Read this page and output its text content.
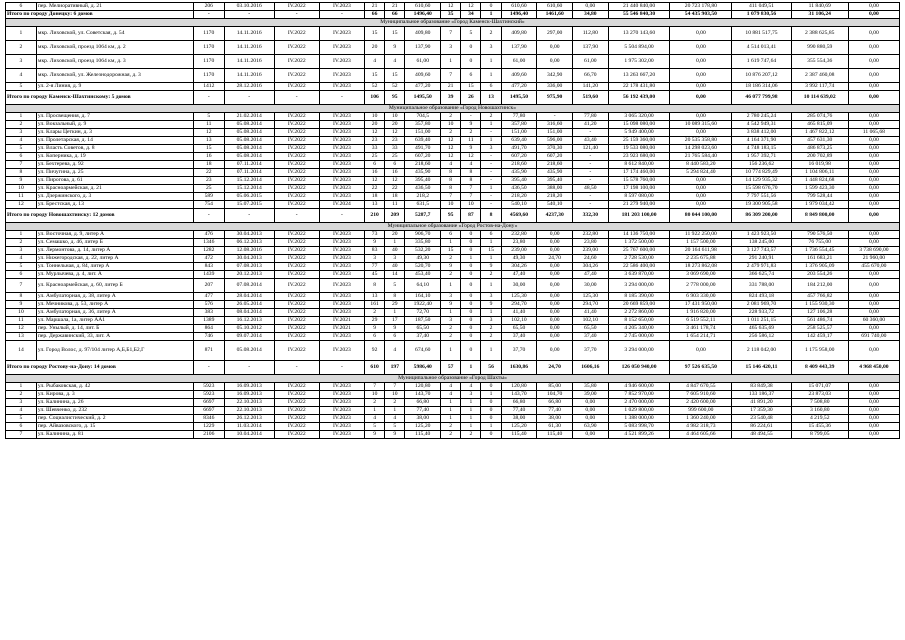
6	пер. Мелиоративный, д. 21	206	03.10.2016	IV.2022	IV.2023	21	21	610,60	12	12	0	610,60	610,60	0,00	21 440 840,00	20 723 178,80	411 049,51	11 840,69	0,00
Итого по городу Донецку: 6 домов		-	-	-	-	66	66	1496,40	35	34	1	1496,40	1461,60	34,80	55 546 840,30	54 435 903,50	1 079 830,56	31 106,24	0,00
Муниципальное образование «Город Каменск-Шахтинский»																			
1	мкр. Лиховской, ул. Советская, д. 54	1170	14.11.2016	IV.2022	IV.2023	15	15	409,80	7	5	2	409,80	297,00	112,80	13 270 143,60	0,00	10 881 517,75	2 388 625,85	0,00
2	мкр. Лиховской, проезд 1064 км, д. 2	1170	14.11.2016	IV.2022	IV.2023	20	9	137,90	3	0	3	137,90	0,00	137,90	5 504 894,00	0,00	4 514 013,41	990 880,59	0,00
3	мкр. Лиховской, проезд 1064 км, д. 3	1170	14.11.2016	IV.2022	IV.2023	4	4	61,00	1	0	1	61,00	0,00	61,00	1 975 302,00	0,00	1 619 747,64	355 554,36	0,00
4	мкр. Лиховской, ул. Железнодорожная, д. 3	1170	14.11.2016	IV.2022	IV.2023	15	15	409,60	7	6	1	409,60	342,90	66,70	13 263 667,20	0,00	10 876 207,12	2 387 460,08	0,00
5	ул. 2-я Линия, д. 9	1412	28.12.2016	IV.2022	IV.2023	52	52	477,20	21	15	6	477,20	336,00	141,20	22 178 431,80	0,00	18 186 314,06	3 992 117,74	0,00
Итого по городу Каменск-Шахтинскому: 5 домов		-	-	-	-	106	95	1495,50	39	26	13	1495,50	975,90	519,60	56 192 439,00	0,00	46 077 799,98	10 114 639,02	0,00
Муниципальное образование «Город Новошахтинск»																			
1	ул. Просвещения, д. 7	5	21.02.2014	IV.2022	IV.2023	10	10	704,5	2	-	2	77,80	-	77,80	3 065 320,00	0,00	2 780 245,24	285 074,76	0,00
2	ул. Вокзальный, д. 9	11	05.08.2014	IV.2022	IV.2023	20	20	357,80	10	9	1	357,80	316,60	41,20	15 098 080,00	10 089 315,60	4 542 949,31	465 815,09	0,00
3	ул. Клары Цеткин, д. 3	12	05.08.2014	IV.2022	IV.2023	12	12	151,00	2	2	-	151,00	151,00	-	5 949 400,00	0,00	3 838 412,00	1 467 822,12	11 065,68
4	ул. Пролетарская, д. 14	13	05.08.2014	IV.2022	IV.2023	23	23	639,40	12	11	1	639,40	596,00	43,40	25 159 360,00	20 535 358,80	4 164 371,90	457 631,30	0,00
5	ул. Власть Советов, д. 8	15	05.08.2014	IV.2022	IV.2023	33	33	491,70	12	9	3	491,70	370,30	121,40	19 533 080,00	14 298 023,60	4 748 183,15	486 873,25	0,00
6	ул. Коперника, д. 19	16	05.08.2014	IV.2022	IV.2023	25	25	607,20	12	12	-	607,20	607,20	-	23 923 680,00	21 765 584,40	1 957 392,71	200 702,89	0,00
7	ул. Бехтерева, д. 92	18	07.11.2014	IV.2022	IV.2023	6	6	218,60	4	4	-	218,60	218,60	-	8 612 840,00	8 440 583,20	156 236,62	16 019,98	0,00
8	ул. Пичугина, д. 25	22	07.11.2014	IV.2022	IV.2023	16	16	435,90	8	8	-	435,90	435,90	-	17 174 460,00	5 294 824,40	10 774 829,49	1 104 806,11	0,00
9	ул. Пирогова, д. 61	23	15.12.2014	IV.2022	IV.2023	12	12	395,40	8	8	-	395,40	395,40	-	15 578 760,00	0,00	14 129 935,32	1 448 824,68	0,00
10	ул. Красноармейская, д. 21	25	15.12.2014	IV.2022	IV.2023	22	22	436,50	8	7	1	436,50	388,00	48,50	17 198 100,00	0,00	15 598 676,70	1 599 423,30	0,00
11	ул. Дзержинского, д. 3	589	05.06.2015	IV.2022	IV.2023	18	18	218,2	7	7	-	218,20	218,20	-	8 597 080,00	0,00	7 797 551,56	799 528,44	0,00
12	ул. Брестская, д. 13	754	15.07.2015	IV.2022	IV.2024	13	11	631,5	10	10	-	540,10	540,10	-	21 279 940,00	0,00	19 300 905,58	1 979 034,42	0,00
Итого по городу Новошахтинску: 12 домов		-	-	-	-	210	209	5287,7	95	87	8	4569,60	4237,30	332,30	181 203 100,00	80 044 100,00	86 309 200,00	8 849 800,00	0,00
Муниципальное образование «Город Ростов-на-Дону»																			
1	ул. Восточная, д. 9, литер А	476	30.04.2013	IV.2022	IV.2023	73	20	906,70	6	0	6	232,80	0,00	232,80	14 136 750,00	11 922 250,00	1 423 923,50	790 576,50	0,00
2	ул. Семашко, д. 46, литер Б	1346	06.12.2013	IV.2022	IV.2023	9	1	335,80	1	0	1	23,80	0,00	23,80	1 372 500,00	1 157 500,00	138 245,00	76 755,00	0,00
3	ул. Лермонтова, д. 14, литер А	1282	12.08.2016	IV.2022	IV.2023	83	40	532,20	15	0	15	239,00	0,00	239,00	25 767 600,00	20 164 611,98	3 127 743,57	1 736 554,45	3 738 690,00
4	ул. Нижегородская, д. 22, литер А	472	30.04.2013	IV.2022	IV.2023	3	3	49,30	2	1	1	49,30	24,70	24,60	2 728 530,00	2 235 675,88	291 240,91	161 683,21	21 960,00
5	ул. Тоннельная, д. 84, литер А	843	07.08.2013	IV.2022	IV.2023	77	40	520,70	9	0	9	304,26	0,00	304,26	22 586 400,00	18 273 862,08	2 479 971,83	1 376 905,09	455 670,00
6	ул. Мурлычева, д. 4, лит. А	1439	20.12.2013	IV.2022	IV.2023	45	14	453,40	2	0	2	47,40	0,00	47,40	3 639 870,00	3 069 690,00	366 625,74	203 554,26	0,00
7	ул. Красноармейская, д. 60, литер Б	207	07.08.2014	IV.2022	IV.2023	8	5	64,10	1	0	1	30,00	0,00	30,00	3 294 000,00	2 778 000,00	331 788,00	184 212,00	0,00
8	ул. Амбулаторная, д. 38, литер А	477	28.04.2014	IV.2022	IV.2023	13	8	164,10	3	0	3	125,30	0,00	125,30	8 185 390,00	6 903 330,00	824 493,18	457 766,82	0,00
9	ул. Мечникова, д. 53, литер А	576	26.05.2014	IV.2022	IV.2023	161	29	1922,40	9	0	9	294,70	0,00	294,70	20 669 859,00	17 431 950,00	2 081 969,70	1 155 930,30	0,00
10	ул. Амбулаторная, д. 36, литер А	383	08.04.2014	IV.2022	IV.2023	2	1	72,70	1	0	1	41,40	0,00	41,40	2 272 860,00	1 916 820,00	228 933,72	127 106,28	0,00
11	ул. Маршала, 1а, литер АА1	1389	16.12.2013	IV.2022	IV.2021	29	17	187,50	3	0	3	102,10	0,00	102,10	8 152 650,00	6 519 552,11	1 011 251,15	561 486,74	60 360,00
12	пер. Унылый, д. 14, лит. Б	864	05.10.2012	IV.2022	IV.2021	9	9	65,50	2	0	2	65,50	0,00	65,50	4 205 340,00	3 461 178,74	465 635,69	258 525,57	0,00
13	пер. Державинский, 33, лит. А	746	09.07.2014	IV.2022	IV.2023	6	6	37,40	2	0	2	37,40	0,00	37,40	2 745 000,00	1 654 214,71	256 586,12	142 459,17	691 740,00
14	ул. Город Волос, д. 97/104 литер А,Б,Б1,Б2,Г	871	05.08.2014	IV.2022	IV.2023	92	4	674,60	1	0	1	37,70	0,00	37,70	3 294 000,00	0,00	2 118 042,00	1 175 958,00	0,00
Итого по городу Ростову-на-Дону: 14 домов		-	-	-	-	610	197	5986,40	57	1	56	1630,86	24,70	1606,16	126 050 940,00	97 526 635,50	15 146 420,11	8 409 443,39	4 968 450,00
Муниципальное образование «Город Шахты»																			
1	ул. Рыбаковская, д. 42	5923	16.09.2013	IV.2022	IV.2023	7	7	120,80	4	4	0	120,80	85,00	35,80	4 946 600,00	4 847 670,55	83 849,38	15 071,07	0,00
2	ул. Кирова, д. 3	5923	16.09.2013	IV.2022	IV.2023	10	10	143,70	4	3	1	143,70	104,70	39,00	7 852 970,00	7 605 910,60	133 186,37	23 873,03	0,00
3	ул. Калинина, д. 26	6697	22.10.2013	IV.2022	IV.2023	2	2	66,80	1	1	0	66,80	66,80	0,00	2 470 000,00	2 420 600,00	41 891,20	7 508,80	0,00
4	ул. Шевченко, д. 232	6697	22.10.2013	IV.2022	IV.2023	1	1	77,40	1	1	0	77,40	77,40	0,00	1 029 800,00	999 600,00	17 359,30	3 160,80	0,00
5	пер. Социалистический, д. 2	8346	26.12.2013	IV.2022	IV.2023	4	4	38,00	1	1	0	38,00	38,00	0,00	1 388 000,00	1 360 240,00	23 540,48	4 219,52	0,00
6	пер. Айвазовского, д. 15	1229	11.03.2014	IV.2022	IV.2023	5	5	125,20	2	1	1	125,20	61,30	63,90	5 083 998,70	4 982 318,73	86 224,61	15 455,36	0,00
7	ул. Калинина, д. 81	2106	10.04.2014	IV.2022	IV.2023	9	9	115,40	2	2	0	115,40	115,40	0,00	4 521 899,26	4 464 605,66	48 494,55	8 799,05	0,00
